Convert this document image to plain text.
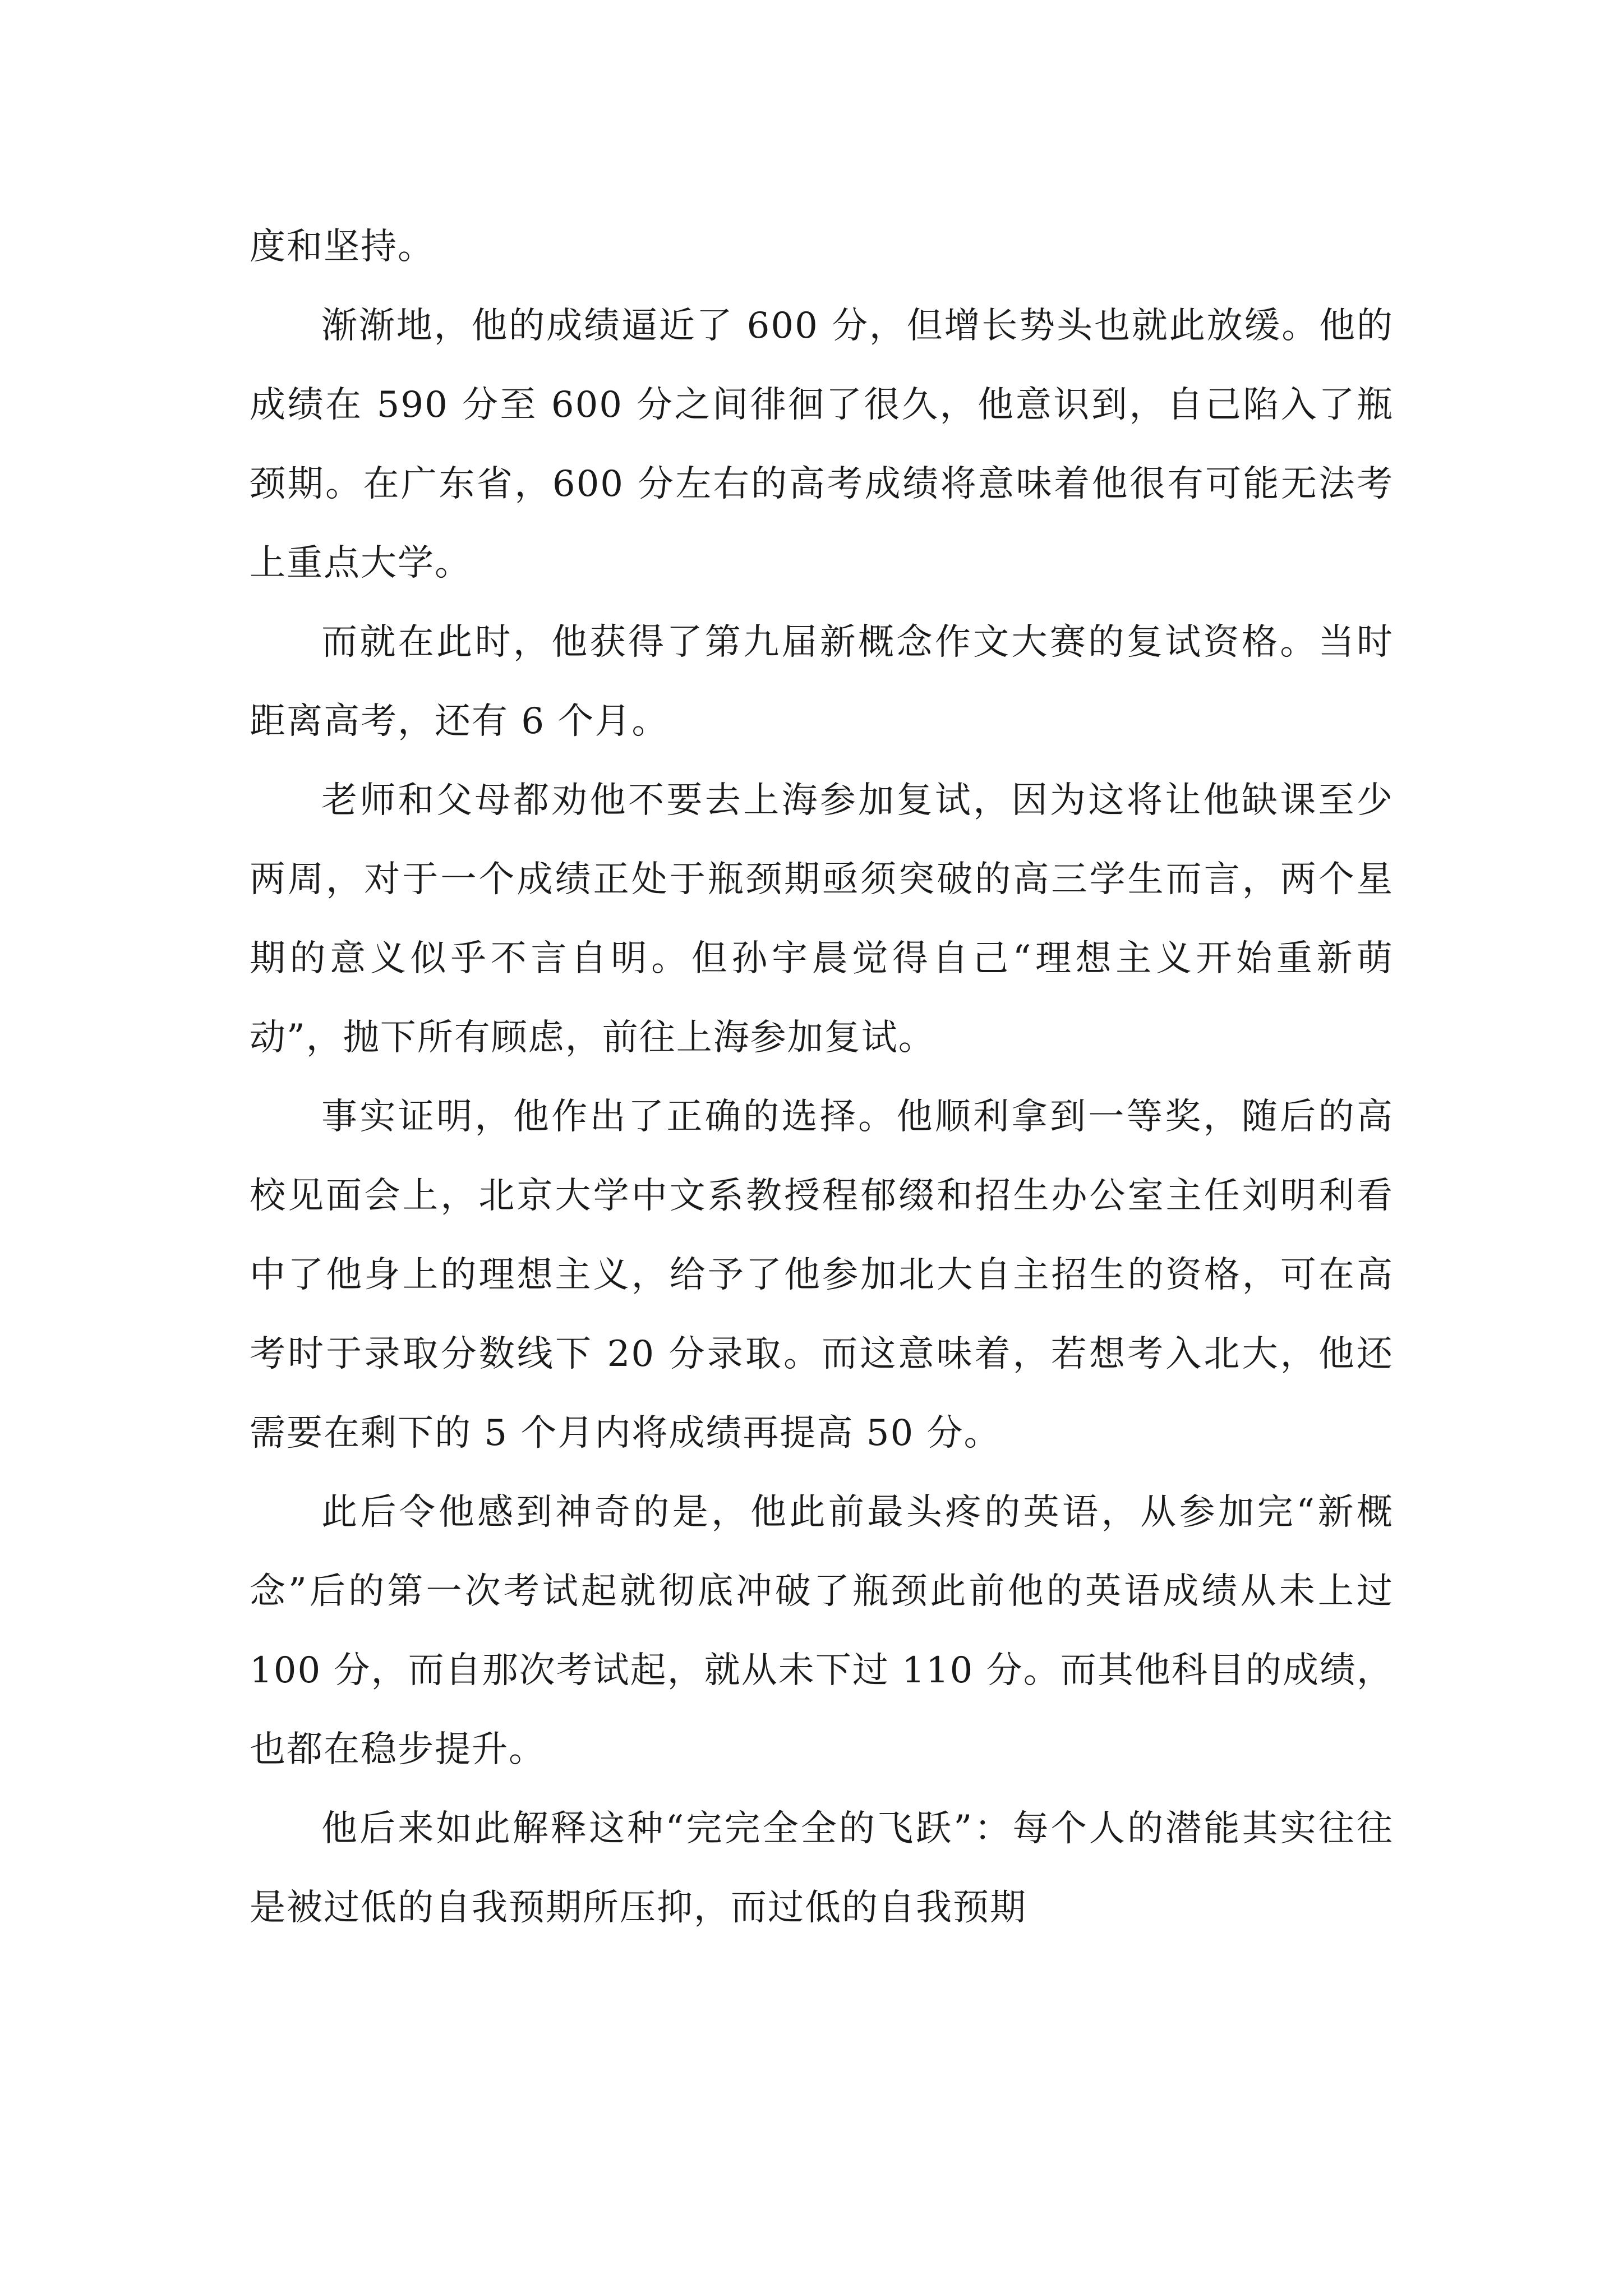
度和坚持。

渐渐地，他的成绩逼近了 600 分，但增长势头也就此放缓。他的成绩在 590 分至 600 分之间徘徊了很久，他意识到，自己陷入了瓶颈期。在广东省，600 分左右的高考成绩将意味着他很有可能无法考上重点大学。

而就在此时，他获得了第九届新概念作文大赛的复试资格。当时距离高考，还有 6 个月。

老师和父母都劝他不要去上海参加复试，因为这将让他缺课至少两周，对于一个成绩正处于瓶颈期亟须突破的高三学生而言，两个星期的意义似乎不言自明。但孙宇晨觉得自己“理想主义开始重新萌动”，抛下所有顾虑，前往上海参加复试。

事实证明，他作出了正确的选择。他顺利拿到一等奖，随后的高校见面会上，北京大学中文系教授程郁缀和招生办公室主任刘明利看中了他身上的理想主义，给予了他参加北大自主招生的资格，可在高考时于录取分数线下 20 分录取。而这意味着，若想考入北大，他还需要在剩下的 5 个月内将成绩再提高 50 分。

此后令他感到神奇的是，他此前最头疼的英语，从参加完“新概念”后的第一次考试起就彻底冲破了瓶颈此前他的英语成绩从未上过 100 分，而自那次考试起，就从未下过 110 分。而其他科目的成绩，也都在稳步提升。

他后来如此解释这种“完完全全的飞跃”：每个人的潜能其实往往是被过低的自我预期所压抑，而过低的自我预期
